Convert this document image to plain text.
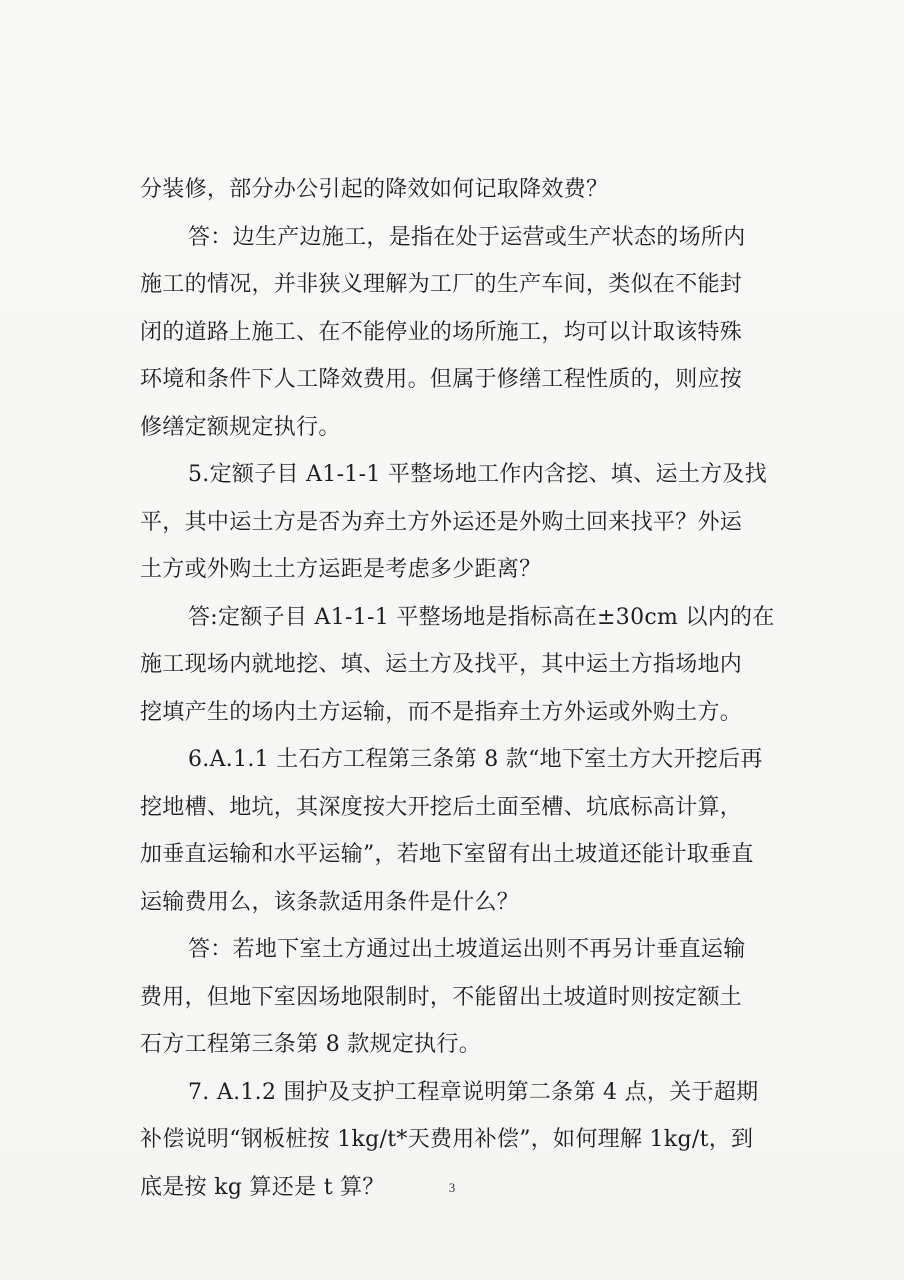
分装修，部分办公引起的降效如何记取降效费？
答：边生产边施工，是指在处于运营或生产状态的场所内
施工的情况，并非狭义理解为工厂的生产车间，类似在不能封
闭的道路上施工、在不能停业的场所施工，均可以计取该特殊
环境和条件下人工降效费用。但属于修缮工程性质的，则应按
修缮定额规定执行。
5.定额子目 A1-1-1 平整场地工作内含挖、填、运土方及找
平，其中运土方是否为弃土方外运还是外购土回来找平？外运
土方或外购土土方运距是考虑多少距离？
答:定额子目 A1-1-1 平整场地是指标高在±30cm 以内的在
施工现场内就地挖、填、运土方及找平，其中运土方指场地内
挖填产生的场内土方运输，而不是指弃土方外运或外购土方。
6.A.1.1 土石方工程第三条第 8 款“地下室土方大开挖后再
挖地槽、地坑，其深度按大开挖后土面至槽、坑底标高计算，
加垂直运输和水平运输”，若地下室留有出土坡道还能计取垂直
运输费用么，该条款适用条件是什么？
答：若地下室土方通过出土坡道运出则不再另计垂直运输
费用，但地下室因场地限制时，不能留出土坡道时则按定额土
石方工程第三条第 8 款规定执行。
7. A.1.2 围护及支护工程章说明第二条第 4 点，关于超期
补偿说明“钢板桩按 1kg/t*天费用补偿”，如何理解 1kg/t，到
底是按 kg 算还是 t 算？	3
